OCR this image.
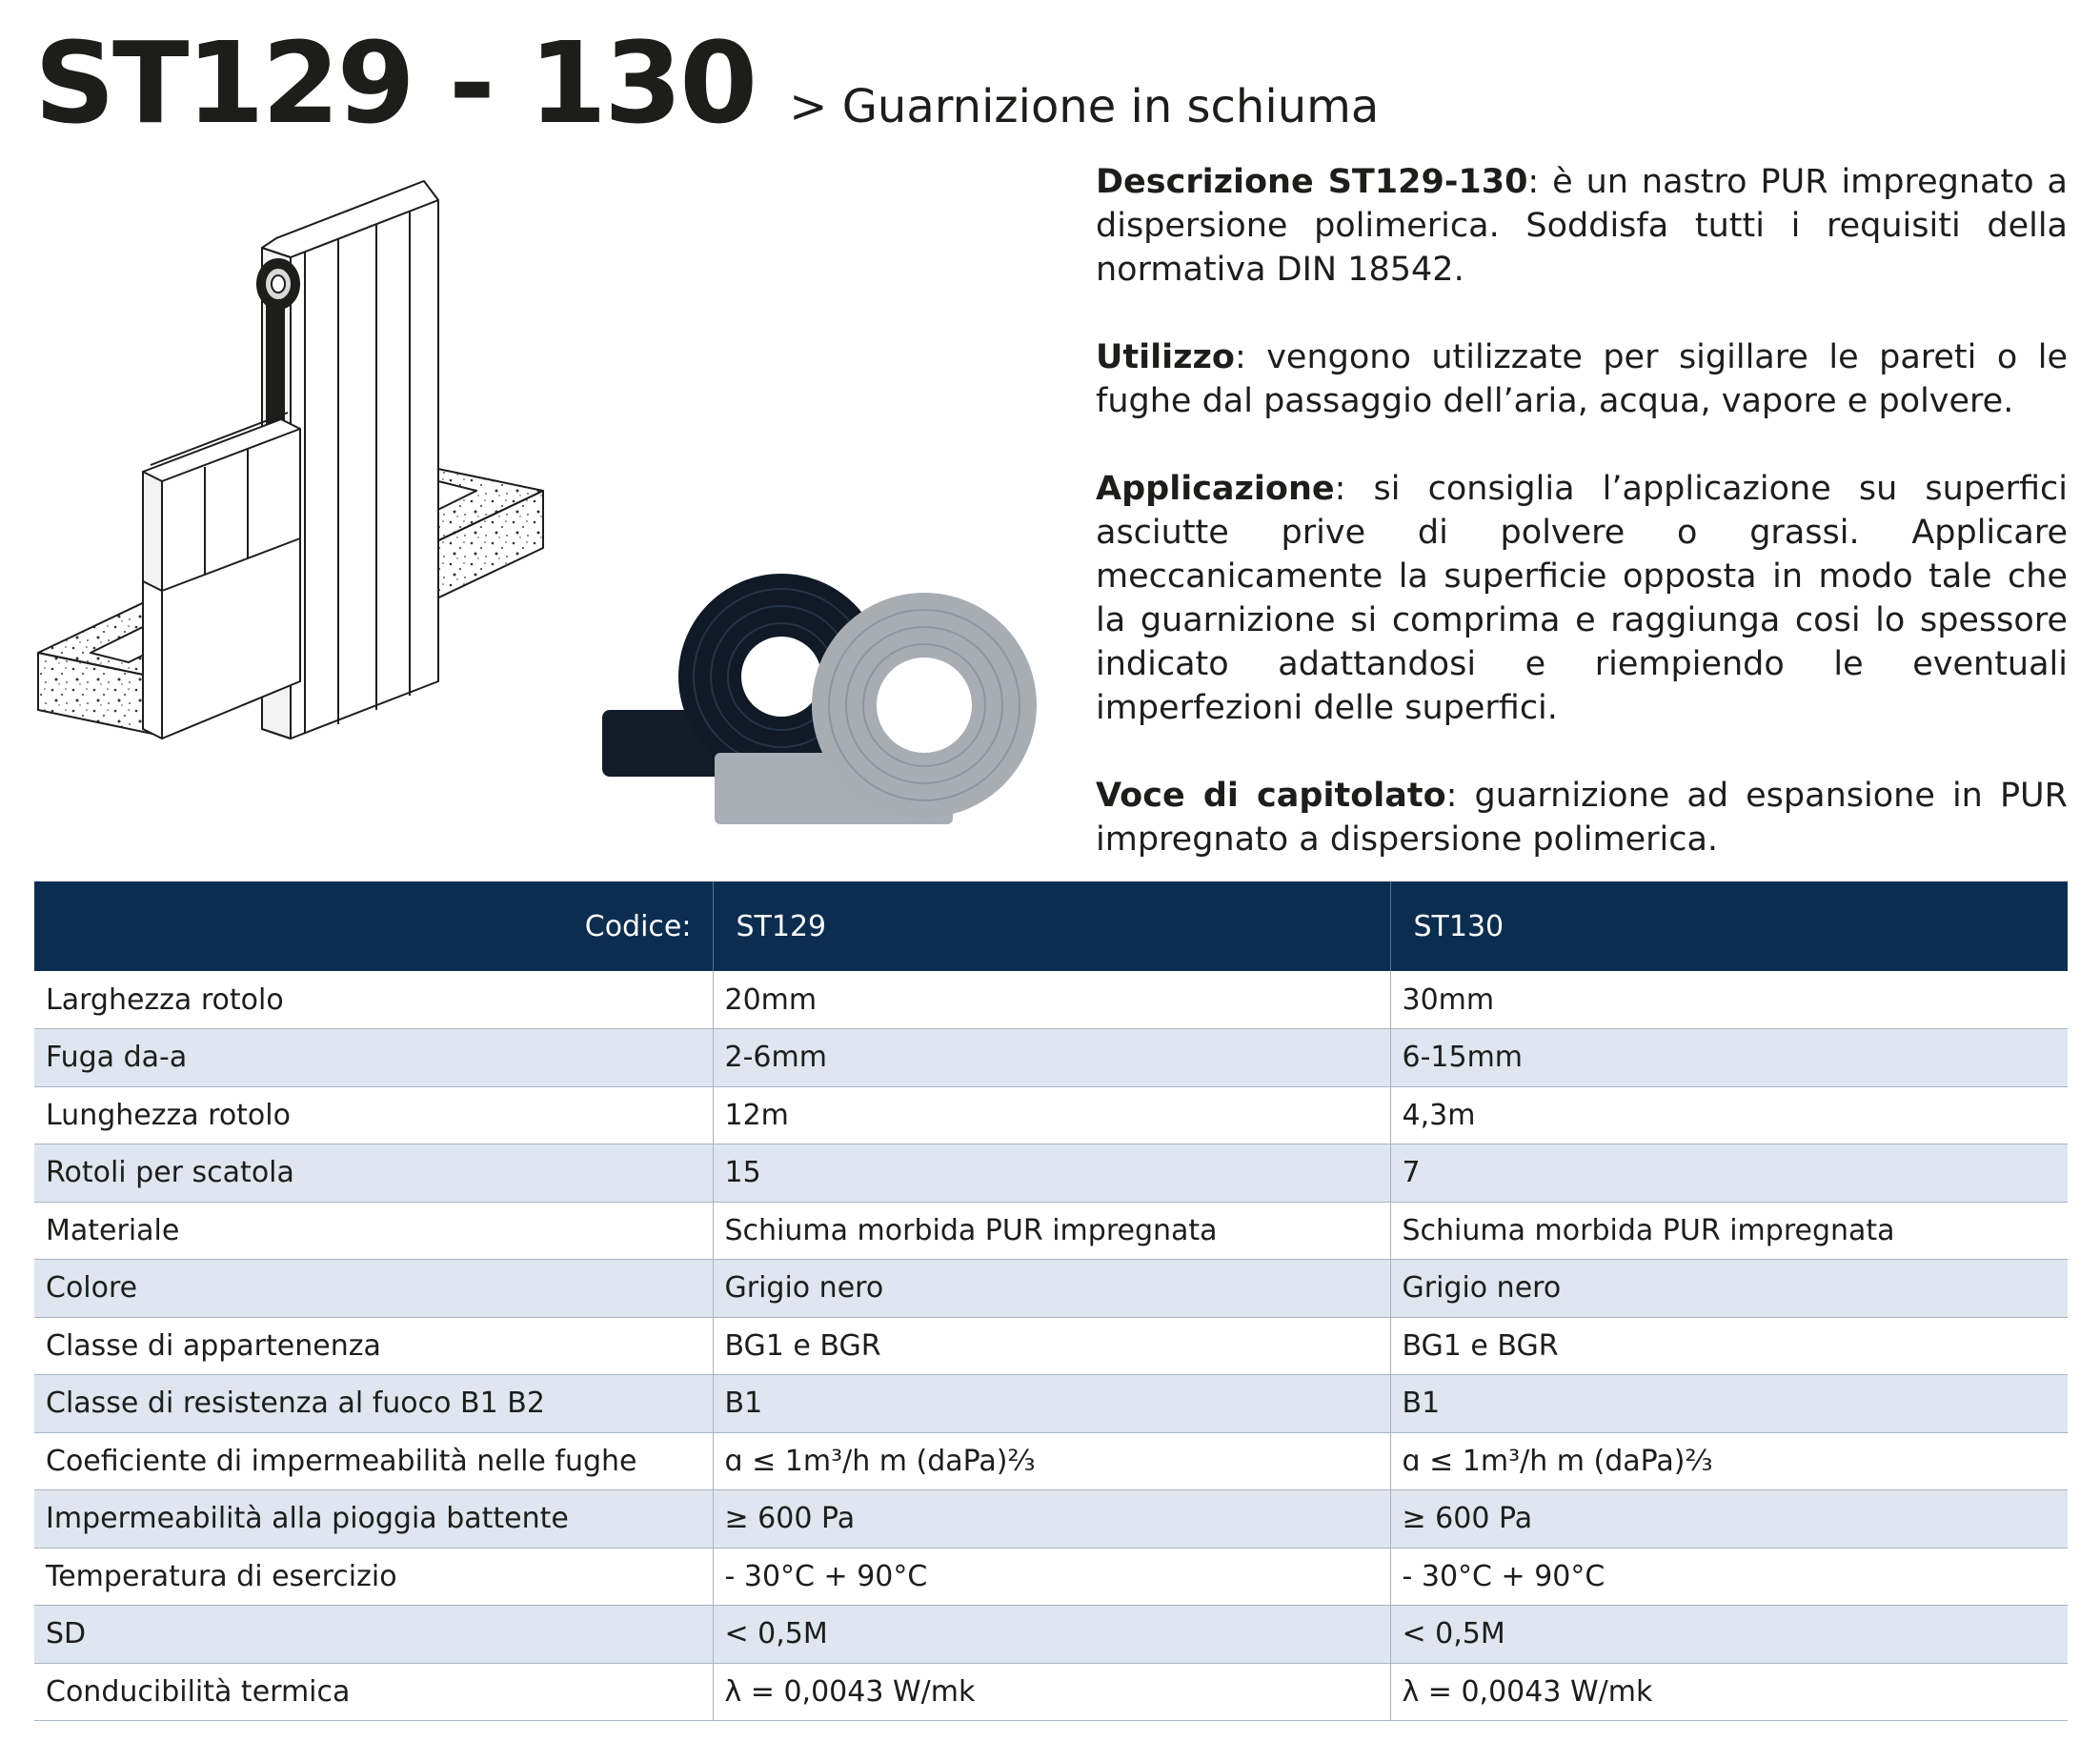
ST129 - 130 > Guarnizione in schiuma

Descrizione ST129-130: è un nastro PUR impregnato a dispersione polimerica. Soddisfa tutti i requisiti della normativa DIN 18542.

Utilizzo: vengono utilizzate per sigillare le pareti o le fughe dal passaggio dell’aria, acqua, vapore e polvere.

Applicazione: si consiglia l’applicazione su superfici asciutte prive di polvere o grassi. Applicare meccanicamente la superficie opposta in modo tale che la guarnizione si comprima e raggiunga cosi lo spessore indicato adattandosi e riempiendo le eventuali imperfezioni delle superfici.

Voce di capitolato: guarnizione ad espansione in PUR impregnato a dispersione polimerica.

Codice:	ST129	ST130
Larghezza rotolo	20mm	30mm
Fuga da-a	2-6mm	6-15mm
Lunghezza rotolo	12m	4,3m
Rotoli per scatola	15	7
Materiale	Schiuma morbida PUR impregnata	Schiuma morbida PUR impregnata
Colore	Grigio nero	Grigio nero
Classe di appartenenza	BG1 e BGR	BG1 e BGR
Classe di resistenza al fuoco B1 B2	B1	B1
Coeficiente di impermeabilità nelle fughe	ɑ ≤ 1m³/h m (daPa)⅔	ɑ ≤ 1m³/h m (daPa)⅔
Impermeabilità alla pioggia battente	≥ 600 Pa	≥ 600 Pa
Temperatura di esercizio	- 30°C + 90°C	- 30°C + 90°C
SD	< 0,5M	< 0,5M
Conducibilità termica	λ = 0,0043 W/mk	λ = 0,0043 W/mk
